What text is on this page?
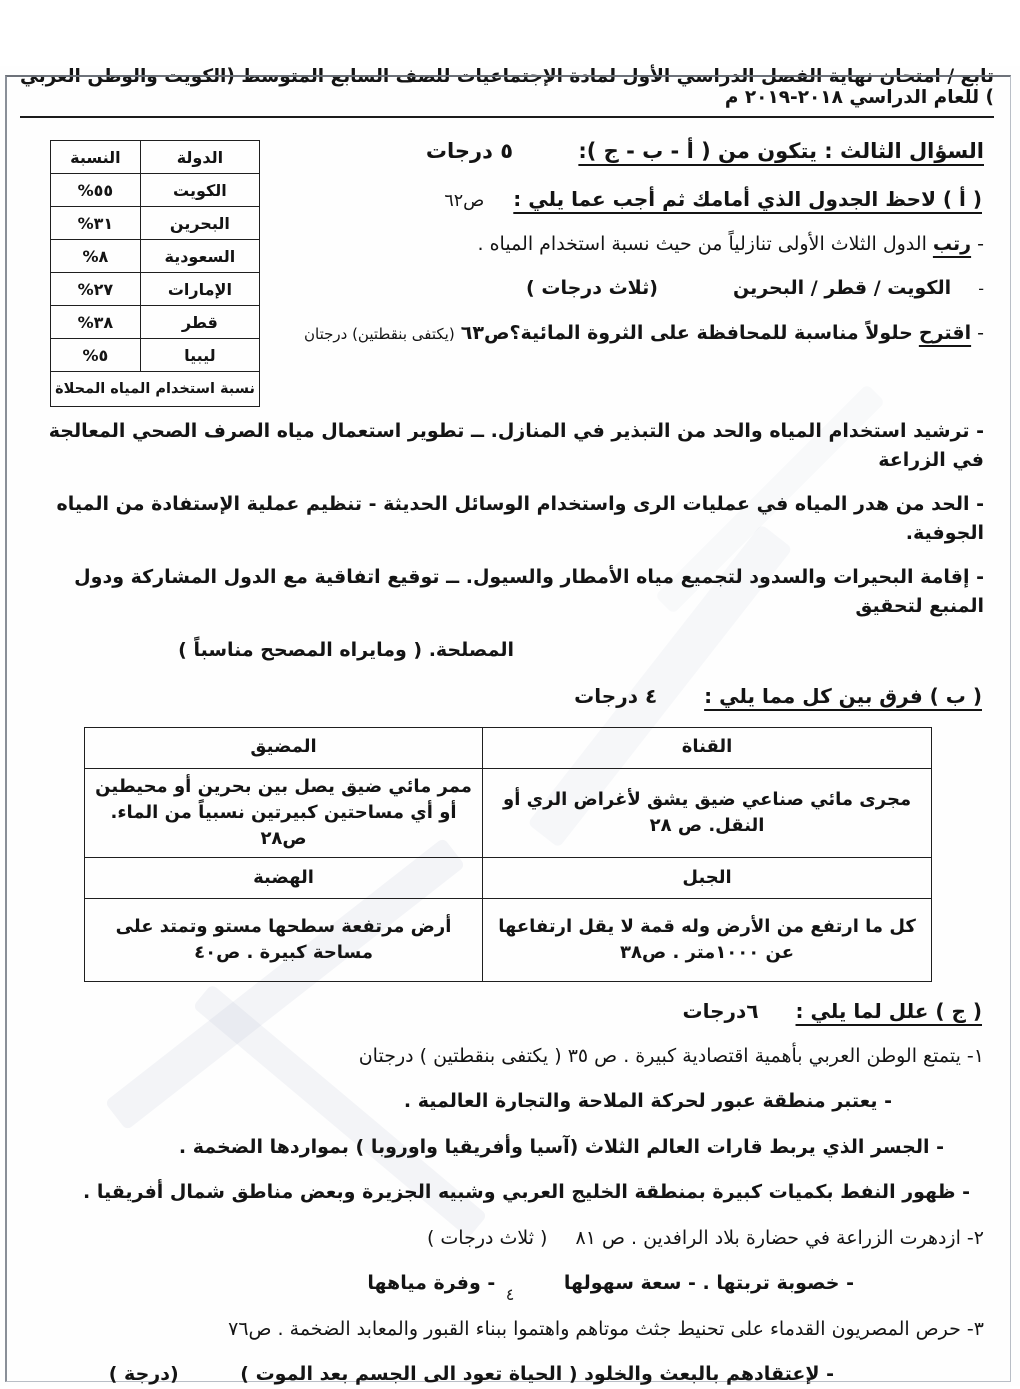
تابع / امتحان نهاية الفصل الدراسي الأول لمادة الإجتماعيات للصف السابع المتوسط (الكويت والوطن العربي ) للعام الدراسي ٢٠١٨-٢٠١٩ م
الدولة	النسبة
الكويت	٥٥%
البحرين	٣١%
السعودية	٨%
الإمارات	٢٧%
قطر	٣٨%
ليبيا	٥%
نسبة استخدام المياه المحلاة	
السؤال الثالث : يتكون من ( أ - ب - ج ): ٥ درجات
( أ ) لاحظ الجدول الذي أمامك ثم أجب عما يلي : ص٦٢
- رتب الدول الثلاث الأولى تنازلياً من حيث نسبة استخدام المياه .
- الكويت / قطر / البحرين (ثلاث درجات )
- اقترح حلولاً مناسبة للمحافظة على الثروة المائية؟ص٦٣ (يكتفى بنقطتين) درجتان
- ترشيد استخدام المياه والحد من التبذير في المنازل. ــ تطوير استعمال مياه الصرف الصحي المعالجة في الزراعة
- الحد من هدر المياه في عمليات الرى واستخدام الوسائل الحديثة - تنظيم عملية الإستفادة من المياه الجوفية.
- إقامة البحيرات والسدود لتجميع مياه الأمطار والسيول. ــ توقيع اتفاقية مع الدول المشاركة ودول المنبع لتحقيق
المصلحة. ( ومايراه المصحح مناسباً )
( ب ) فرق بين كل مما يلي : ٤ درجات
القناة	المضيق
مجرى مائي صناعي ضيق يشق لأغراض الري أو النقل. ص ٢٨	ممر مائي ضيق يصل بين بحرين أو محيطين أو أي مساحتين كبيرتين نسبياً من الماء. ص٢٨
الجبل	الهضبة
كل ما ارتفع من الأرض وله قمة لا يقل ارتفاعها عن ١٠٠٠متر . ص٣٨	أرض مرتفعة سطحها مستو وتمتد على مساحة كبيرة . ص٤٠
( ج ) علل لما يلي : ٦درجات
١- يتمتع الوطن العربي بأهمية اقتصادية كبيرة . ص ٣٥ ( يكتفى بنقطتين ) درجتان
- يعتبر منطقة عبور لحركة الملاحة والتجارة العالمية .
- الجسر الذي يربط قارات العالم الثلاث (آسيا وأفريقيا واوروبا ) بمواردها الضخمة .
- ظهور النفط بكميات كبيرة بمنطقة الخليج العربي وشبيه الجزيرة وبعض مناطق شمال أفريقيا .
٢- ازدهرت الزراعة في حضارة بلاد الرافدين . ص ٨١ ( ثلاث درجات )
- خصوبة تربتها . - سعة سهولها - وفرة مياهها
٣- حرص المصريون القدماء على تحنيط جثث موتاهم واهتموا ببناء القبور والمعابد الضخمة . ص٧٦
- لإعتقادهم بالبعث والخلود ( الحياة تعود الى الجسم بعد الموت ) (درجة )
٤
